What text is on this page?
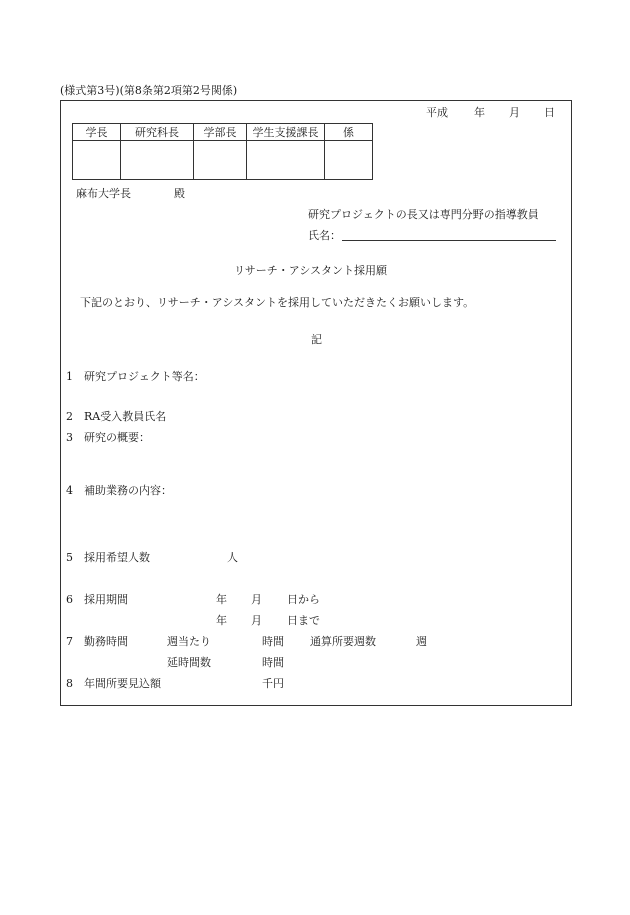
(様式第3号)(第8条第2項第2号関係)
平成 年 月 日
学長	研究科長	学部長	学生支援課長	係

麻布大学長	殿
研究プロジェクトの長又は専門分野の指導教員
氏名：
リサーチ・アシスタント採用願
下記のとおり、リサーチ・アシスタントを採用していただきたくお願いします。
記
1 研究プロジェクト等名：
2 RA受入教員氏名
3 研究の概要：
4 補助業務の内容：
5 採用希望人数	人
6 採用期間	年 月 日から
年 月 日まで
7 勤務時間	週当たり	時間 通算所要週数	週
延時間数	時間
8 年間所要見込額	千円
